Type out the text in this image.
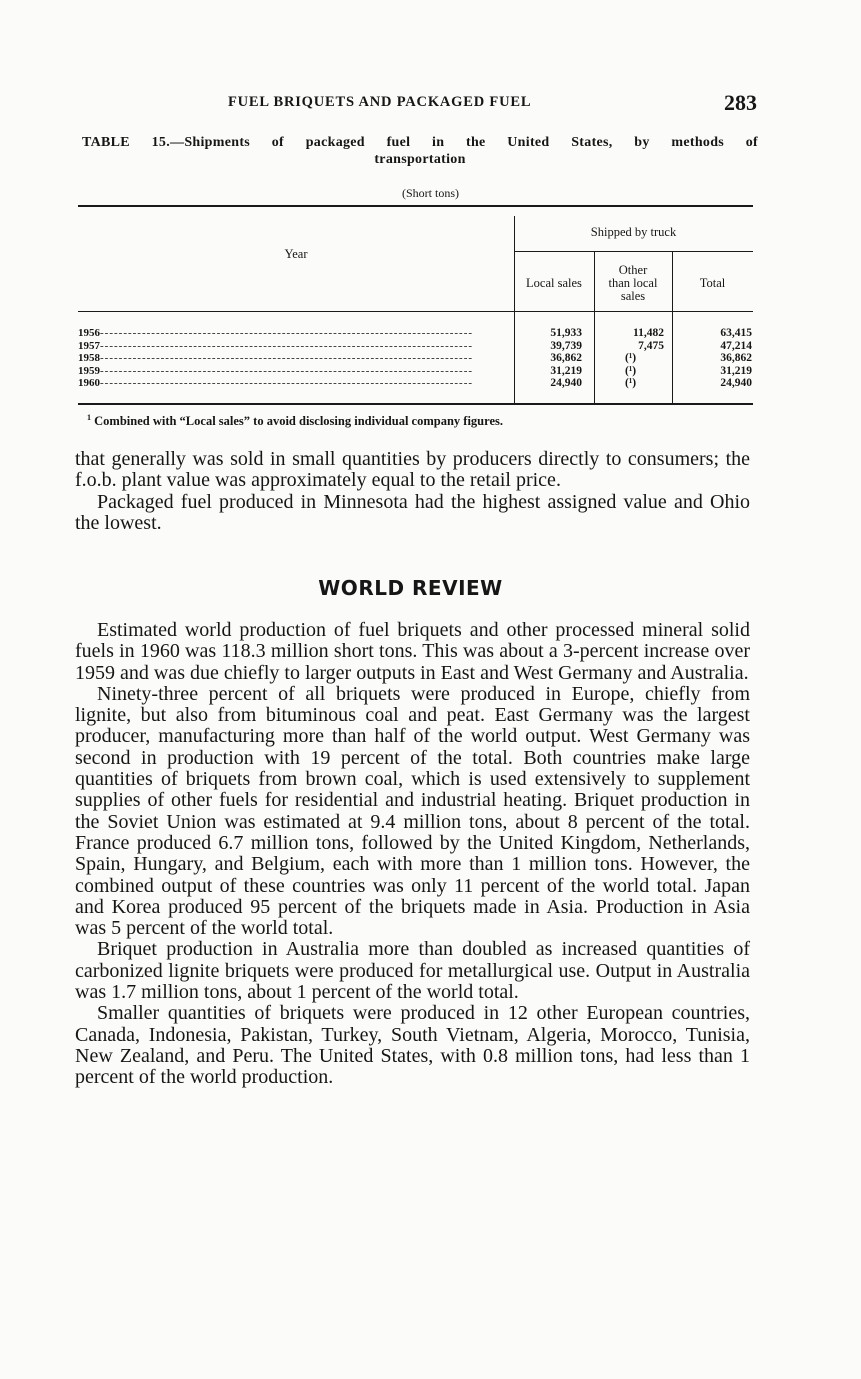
FUEL BRIQUETS AND PACKAGED FUEL	283
TABLE 15.—Shipments of packaged fuel in the United States, by methods of
transportation
(Short tons)
Year
Shipped by truck
Local sales
Other
than local
sales
Total
1956--------------------------------------------------------------------------------
1957--------------------------------------------------------------------------------
1958--------------------------------------------------------------------------------
1959--------------------------------------------------------------------------------
1960--------------------------------------------------------------------------------
51,933
39,739
36,862
31,219
24,940
11,482
7,475
(¹)
(¹)
(¹)
63,415
47,214
36,862
31,219
24,940
$^1$ Combined with “Local sales” to avoid disclosing individual company figures.

that generally was sold in small quantities by producers directly to consumers; the f.o.b. plant value was approximately equal to the retail price.

Packaged fuel produced in Minnesota had the highest assigned value and Ohio the lowest.

WORLD REVIEW

Estimated world production of fuel briquets and other processed mineral solid fuels in 1960 was 118.3 million short tons. This was about a 3-percent increase over 1959 and was due chiefly to larger outputs in East and West Germany and Australia.

Ninety-three percent of all briquets were produced in Europe, chiefly from lignite, but also from bituminous coal and peat. East Germany was the largest producer, manufacturing more than half of the world output. West Germany was second in production with 19 percent of the total. Both countries make large quantities of briquets from brown coal, which is used extensively to supplement supplies of other fuels for residential and industrial heating. Briquet production in the Soviet Union was estimated at 9.4 million tons, about 8 percent of the total. France produced 6.7 million tons, followed by the United Kingdom, Netherlands, Spain, Hungary, and Belgium, each with more than 1 million tons. However, the combined output of these countries was only 11 percent of the world total. Japan and Korea produced 95 percent of the briquets made in Asia. Production in Asia was 5 percent of the world total.

Briquet production in Australia more than doubled as increased quantities of carbonized lignite briquets were produced for metallurgical use. Output in Australia was 1.7 million tons, about 1 percent of the world total.

Smaller quantities of briquets were produced in 12 other European countries, Canada, Indonesia, Pakistan, Turkey, South Vietnam, Algeria, Morocco, Tunisia, New Zealand, and Peru. The United States, with 0.8 million tons, had less than 1 percent of the world production.
